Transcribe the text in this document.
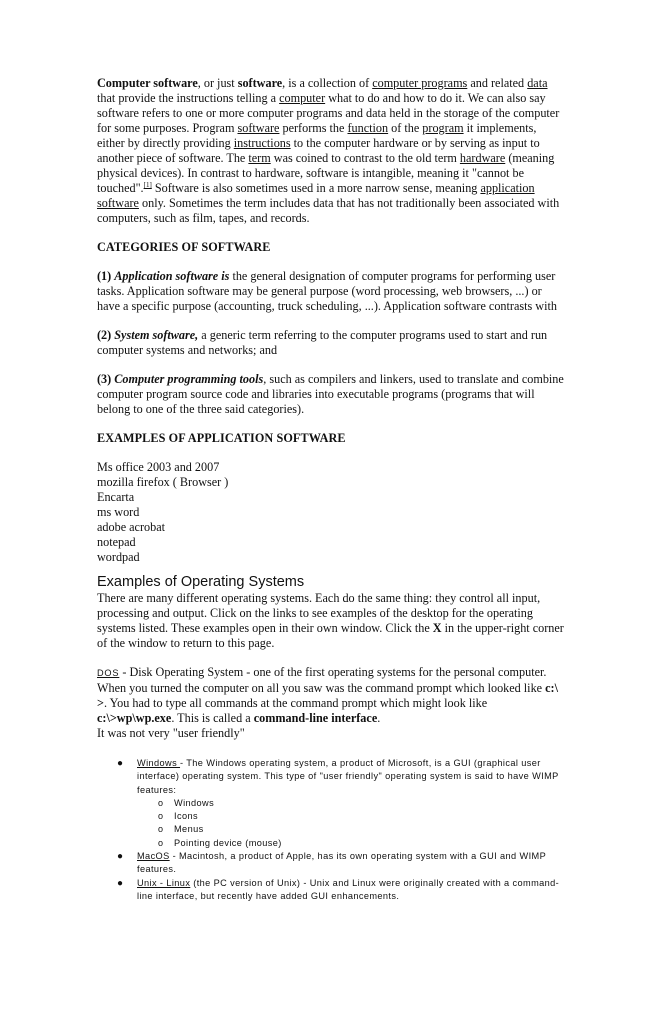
Computer software, or just software, is a collection of computer programs and related data that provide the instructions telling a computer what to do and how to do it. We can also say software refers to one or more computer programs and data held in the storage of the computer for some purposes. Program software performs the function of the program it implements, either by directly providing instructions to the computer hardware or by serving as input to another piece of software. The term was coined to contrast to the old term hardware (meaning physical devices). In contrast to hardware, software is intangible, meaning it "cannot be touched".[1] Software is also sometimes used in a more narrow sense, meaning application software only. Sometimes the term includes data that has not traditionally been associated with computers, such as film, tapes, and records.

CATEGORIES OF SOFTWARE

(1) Application software is the general designation of computer programs for performing user tasks. Application software may be general purpose (word processing, web browsers, ...) or have a specific purpose (accounting, truck scheduling, ...). Application software contrasts with

(2) System software, a generic term referring to the computer programs used to start and run computer systems and networks; and

(3) Computer programming tools, such as compilers and linkers, used to translate and combine computer program source code and libraries into executable programs (programs that will belong to one of the three said categories).

EXAMPLES OF APPLICATION SOFTWARE

Ms office 2003 and 2007
mozilla firefox ( Browser )
Encarta
ms word
adobe acrobat
notepad
wordpad

Examples of Operating Systems

There are many different operating systems. Each do the same thing: they control all input, processing and output. Click on the links to see examples of the desktop for the operating systems listed. These examples open in their own window. Click the X in the upper-right corner of the window to return to this page.

DOS - Disk Operating System - one of the first operating systems for the personal computer. When you turned the computer on all you saw was the command prompt which looked like c:\ >. You had to type all commands at the command prompt which might look like c:\>wp\wp.exe. This is called a command-line interface.
It was not very "user friendly"

● Windows - The Windows operating system, a product of Microsoft, is a GUI (graphical user interface) operating system. This type of "user friendly" operating system is said to have WIMP features:
o Windows
o Icons
o Menus
o Pointing device (mouse)
● MacOS - Macintosh, a product of Apple, has its own operating system with a GUI and WIMP features.
● Unix - Linux (the PC version of Unix) - Unix and Linux were originally created with a command-line interface, but recently have added GUI enhancements.
